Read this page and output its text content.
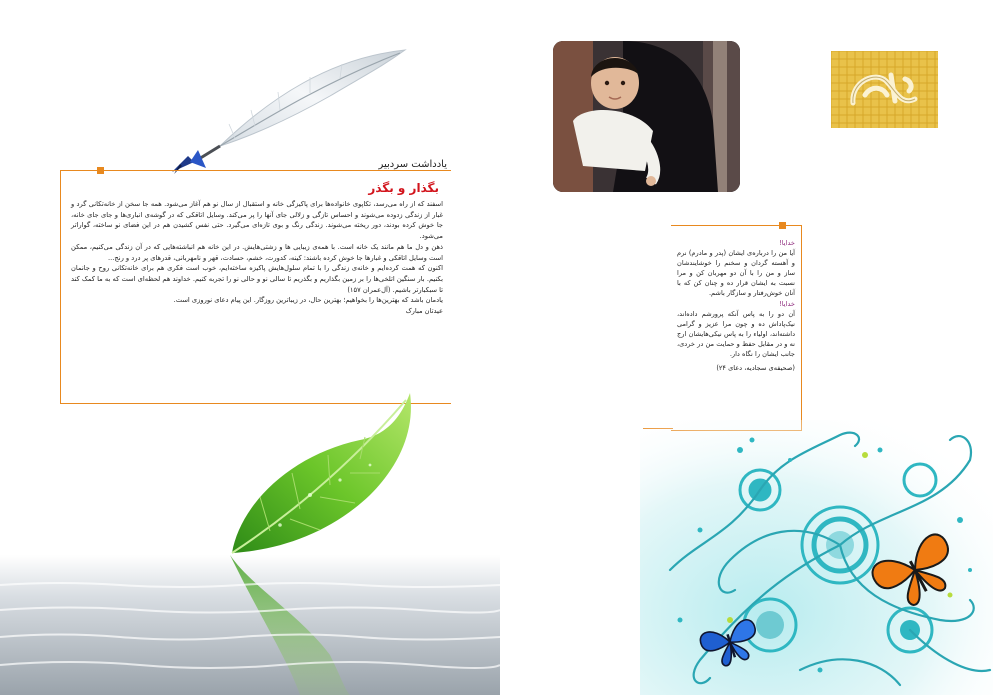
یادداشت سردبیر
بگذار و بگذر

اسفند که از راه می‌رسد، تکاپوی خانواده‌ها برای پاکیزگی خانه و استقبال از سال نو هم آغاز می‌شود. همه جا سخن از خانه‌تکانی گرد و غبار از زندگی زدوده می‌شوند و احساس تازگی و زلالی جای آنها را پر می‌کند. وسایل اتاقکی که در گوشه‌ی انباری‌ها و جای جای خانه، جا خوش کرده بودند، دور ریخته می‌شوند. زندگی رنگ و بوی تازه‌ای می‌گیرد. حتی نفس کشیدن هم در این فضای نو ساخته، گواراتر می‌شود.

ذهن و دل ما هم مانند یک خانه است. با همه‌ی زیبایی ها و زشتی‌هایش. در این خانه هم انباشته‌هایی که در آن زندگی می‌کنیم، ممکن است وسایل اتاقکی و غبارها جا خوش کرده باشند: کینه، کدورت، خشم، حسادت، قهر و نامهربانی، قدرهای پر درد و رنج...

اکنون که همت کرده‌ایم و خانه‌ی زندگی را با تمام سلول‌هایش پاکیزه ساخته‌ایم، خوب است فکری هم برای خانه‌تکانی روح و جانمان بکنیم. بار سنگین اتلخی‌ها را بر زمین بگذاریم و بگذریم تا سالی نو و حالی نو را تجربه کنیم. خداوند هم لحظه‌ای است که به ما کمک کند تا سبکبارتر باشیم. (آل‌عمران ۱۵۷)

یادمان باشد که بهترین‌ها را بخواهیم؛ بهترین حال، در زیباترین روزگار. این پیام دعای نوروزی است.

عید‌تان مبارک

خدایا!

آیا من را درباره‌ی ایشان (پدر و مادرم) نرم و آهسته گردان و سخنم را خوشایندشان ساز و من را با آن دو مهربان کن و مرا نسبت به ایشان قرار ده و چنان کن که با آنان خوش‌رفتار و سازگار باشم.

خدایا!

آن دو را به پاس آنکه پرورشم داده‌اند، نیک‌پاداش ده و چون مرا عزیز و گرامی داشته‌اند، اولیاء را به پاس نیکی‌هایشان ارج نه و در مقابل حفظ و حمایت من در خردی، جانب ایشان را نگاه دار.

(صحیفه‌ی سجادیه، دعای ۲۴)
